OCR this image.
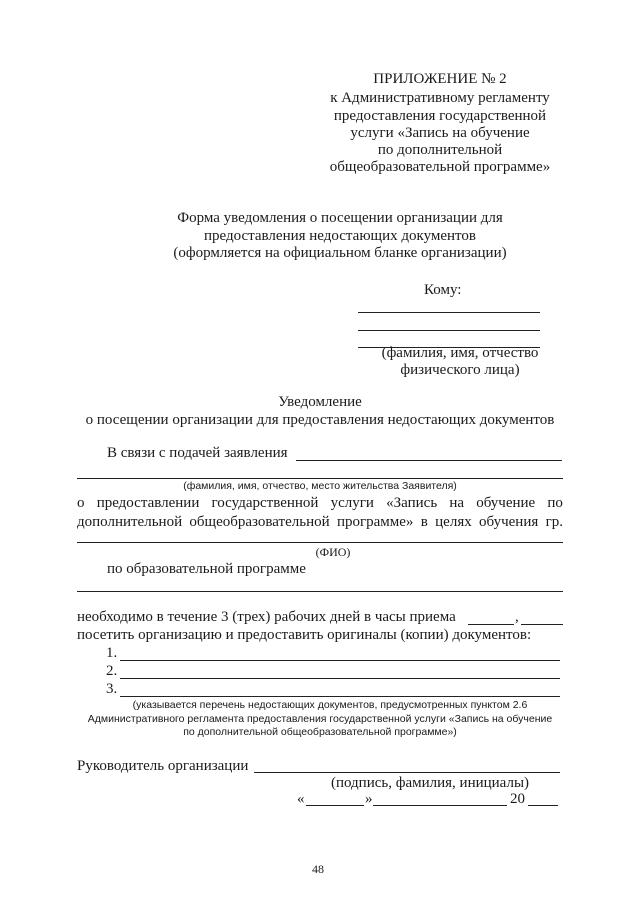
ПРИЛОЖЕНИЕ № 2
к Административному регламенту
предоставления государственной
услуги «Запись на обучение
по дополнительной
общеобразовательной программе»
Форма уведомления о посещении организации для
предоставления недостающих документов
(оформляется на официальном бланке организации)
Кому:
(фамилия, имя, отчество
физического лица)
Уведомление
о посещении организации для предоставления недостающих документов
В связи с подачей заявления
(фамилия, имя, отчество, место жительства Заявителя)
о предоставлении государственной услуги «Запись на обучение по
дополнительной общеобразовательной программе» в целях обучения гр.
(ФИО)
по образовательной программе
необходимо в течение 3 (трех) рабочих дней в часы приема	,
посетить организацию и предоставить оригиналы (копии) документов:
1.
2.
3.
(указывается перечень недостающих документов, предусмотренных пунктом 2.6
Административного регламента предоставления государственной услуги «Запись на обучение
по дополнительной общеобразовательной программе»)
Руководитель организации
(подпись, фамилия, инициалы)
«	»	20
48
